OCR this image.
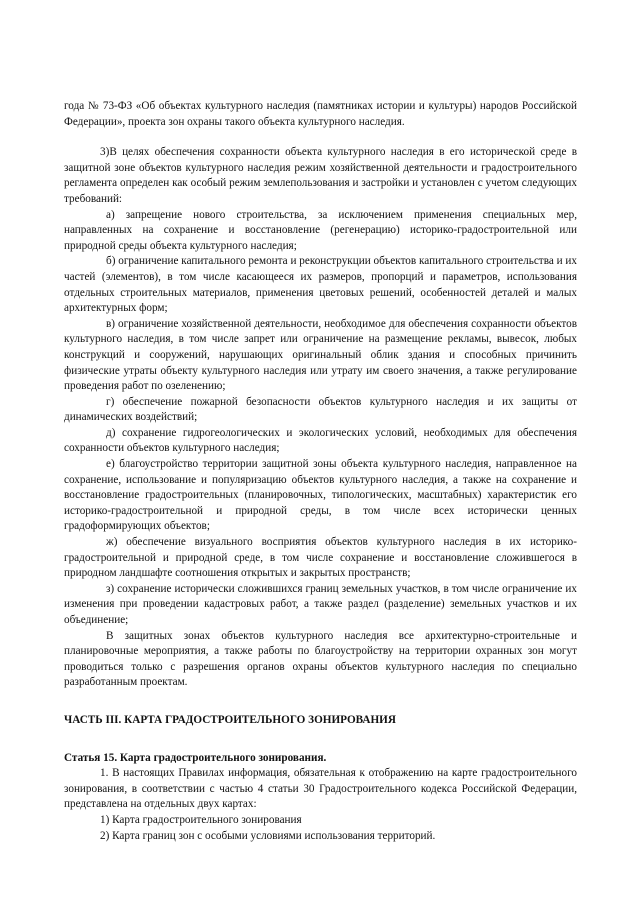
года № 73-ФЗ «Об объектах культурного наследия (памятниках истории и культуры) народов Российской Федерации», проекта зон охраны такого объекта культурного наследия.

3)В целях обеспечения сохранности объекта культурного наследия в его исторической среде в защитной зоне объектов культурного наследия режим хозяйственной деятельности и градостроительного регламента определен как особый режим землепользования и застройки и установлен с учетом следующих требований:

а) запрещение нового строительства, за исключением применения специальных мер, направленных на сохранение и восстановление (регенерацию) историко-градостроительной или природной среды объекта культурного наследия;

б) ограничение капитального ремонта и реконструкции объектов капитального строительства и их частей (элементов), в том числе касающееся их размеров, пропорций и параметров, использования отдельных строительных материалов, применения цветовых решений, особенностей деталей и малых архитектурных форм;

в) ограничение хозяйственной деятельности, необходимое для обеспечения сохранности объектов культурного наследия, в том числе запрет или ограничение на размещение рекламы, вывесок, любых конструкций и сооружений, нарушающих оригинальный облик здания и способных причинить физические утраты объекту культурного наследия или утрату им своего значения, а также регулирование проведения работ по озеленению;

г) обеспечение пожарной безопасности объектов культурного наследия и их защиты от динамических воздействий;

д) сохранение гидрогеологических и экологических условий, необходимых для обеспечения сохранности объектов культурного наследия;

е) благоустройство территории защитной зоны объекта культурного наследия, направленное на сохранение, использование и популяризацию объектов культурного наследия, а также на сохранение и восстановление градостроительных (планировочных, типологических, масштабных) характеристик его историко-градостроительной и природной среды, в том числе всех исторически ценных градоформирующих объектов;

ж) обеспечение визуального восприятия объектов культурного наследия в их историко-градостроительной и природной среде, в том числе сохранение и восстановление сложившегося в природном ландшафте соотношения открытых и закрытых пространств;

з) сохранение исторически сложившихся границ земельных участков, в том числе ограничение их изменения при проведении кадастровых работ, а также раздел (разделение) земельных участков и их объединение;

В защитных зонах объектов культурного наследия все архитектурно-строительные и планировочные мероприятия, а также работы по благоустройству на территории охранных зон могут проводиться только с разрешения органов охраны объектов культурного наследия по специально разработанным проектам.

ЧАСТЬ III. КАРТА ГРАДОСТРОИТЕЛЬНОГО ЗОНИРОВАНИЯ

Статья 15. Карта градостроительного зонирования.

1. В настоящих Правилах информация, обязательная к отображению на карте градостроительного зонирования, в соответствии с частью 4 статьи 30 Градостроительного кодекса Российской Федерации, представлена на отдельных двух картах:

1) Карта градостроительного зонирования

2) Карта границ зон с особыми условиями использования территорий.
